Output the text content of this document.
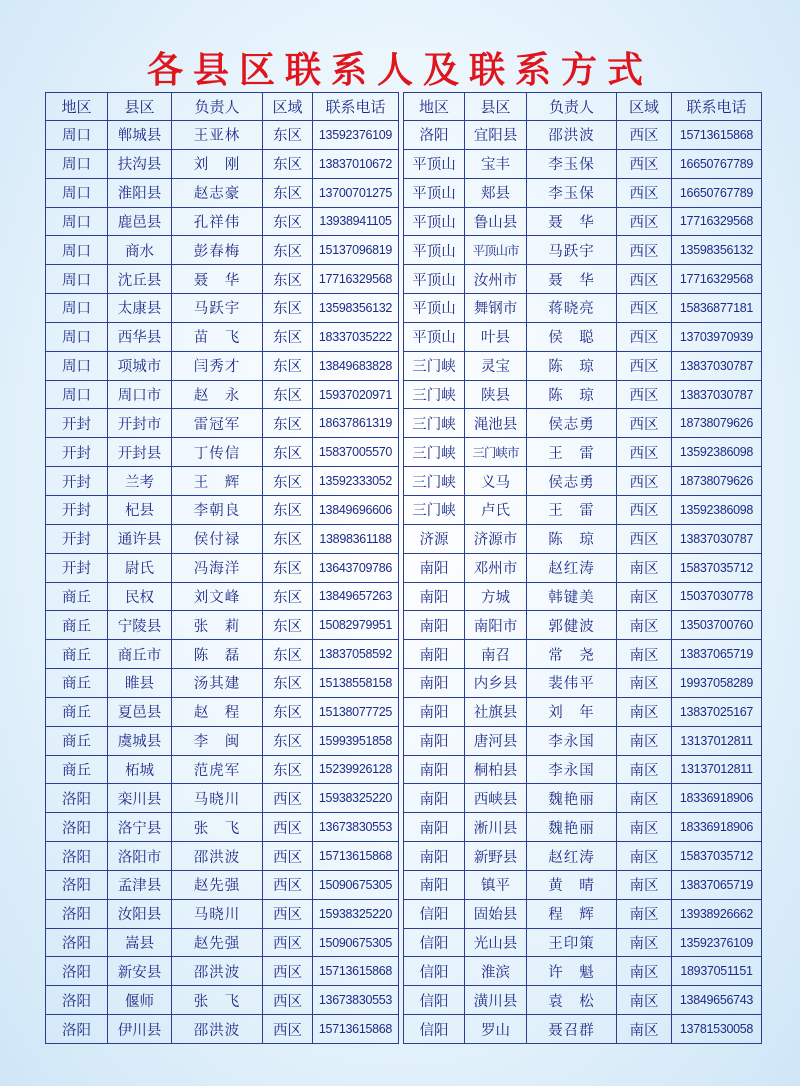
各县区联系人及联系方式
地区	县区	负责人	区域	联系电话
周口	郸城县	王亚林	东区	13592376109
周口	扶沟县	刘　刚	东区	13837010672
周口	淮阳县	赵志豪	东区	13700701275
周口	鹿邑县	孔祥伟	东区	13938941105
周口	商水	彭春梅	东区	15137096819
周口	沈丘县	聂　华	东区	17716329568
周口	太康县	马跃宇	东区	13598356132
周口	西华县	苗　飞	东区	18337035222
周口	项城市	闫秀才	东区	13849683828
周口	周口市	赵　永	东区	15937020971
开封	开封市	雷冠军	东区	18637861319
开封	开封县	丁传信	东区	15837005570
开封	兰考	王　辉	东区	13592333052
开封	杞县	李朝良	东区	13849696606
开封	通许县	侯付禄	东区	13898361188
开封	尉氏	冯海洋	东区	13643709786
商丘	民权	刘文峰	东区	13849657263
商丘	宁陵县	张　莉	东区	15082979951
商丘	商丘市	陈　磊	东区	13837058592
商丘	睢县	汤其建	东区	15138558158
商丘	夏邑县	赵　程	东区	15138077725
商丘	虞城县	李　闽	东区	15993951858
商丘	柘城	范虎军	东区	15239926128
洛阳	栾川县	马晓川	西区	15938325220
洛阳	洛宁县	张　飞	西区	13673830553
洛阳	洛阳市	邵洪波	西区	15713615868
洛阳	孟津县	赵先强	西区	15090675305
洛阳	汝阳县	马晓川	西区	15938325220
洛阳	嵩县	赵先强	西区	15090675305
洛阳	新安县	邵洪波	西区	15713615868
洛阳	偃师	张　飞	西区	13673830553
洛阳	伊川县	邵洪波	西区	15713615868
地区	县区	负责人	区域	联系电话
洛阳	宜阳县	邵洪波	西区	15713615868
平顶山	宝丰	李玉保	西区	16650767789
平顶山	郏县	李玉保	西区	16650767789
平顶山	鲁山县	聂　华	西区	17716329568
平顶山	平顶山市	马跃宇	西区	13598356132
平顶山	汝州市	聂　华	西区	17716329568
平顶山	舞钢市	蒋晓亮	西区	15836877181
平顶山	叶县	侯　聪	西区	13703970939
三门峡	灵宝	陈　琼	西区	13837030787
三门峡	陕县	陈　琼	西区	13837030787
三门峡	渑池县	侯志勇	西区	18738079626
三门峡	三门峡市	王　雷	西区	13592386098
三门峡	义马	侯志勇	西区	18738079626
三门峡	卢氏	王　雷	西区	13592386098
济源	济源市	陈　琼	西区	13837030787
南阳	邓州市	赵红涛	南区	15837035712
南阳	方城	韩键美	南区	15037030778
南阳	南阳市	郭健波	南区	13503700760
南阳	南召	常　尧	南区	13837065719
南阳	内乡县	裴伟平	南区	19937058289
南阳	社旗县	刘　年	南区	13837025167
南阳	唐河县	李永国	南区	13137012811
南阳	桐柏县	李永国	南区	13137012811
南阳	西峡县	魏艳丽	南区	18336918906
南阳	淅川县	魏艳丽	南区	18336918906
南阳	新野县	赵红涛	南区	15837035712
南阳	镇平	黄　晴	南区	13837065719
信阳	固始县	程　辉	南区	13938926662
信阳	光山县	王印策	南区	13592376109
信阳	淮滨	许　魁	南区	18937051151
信阳	潢川县	袁　松	南区	13849656743
信阳	罗山	聂召群	南区	13781530058
